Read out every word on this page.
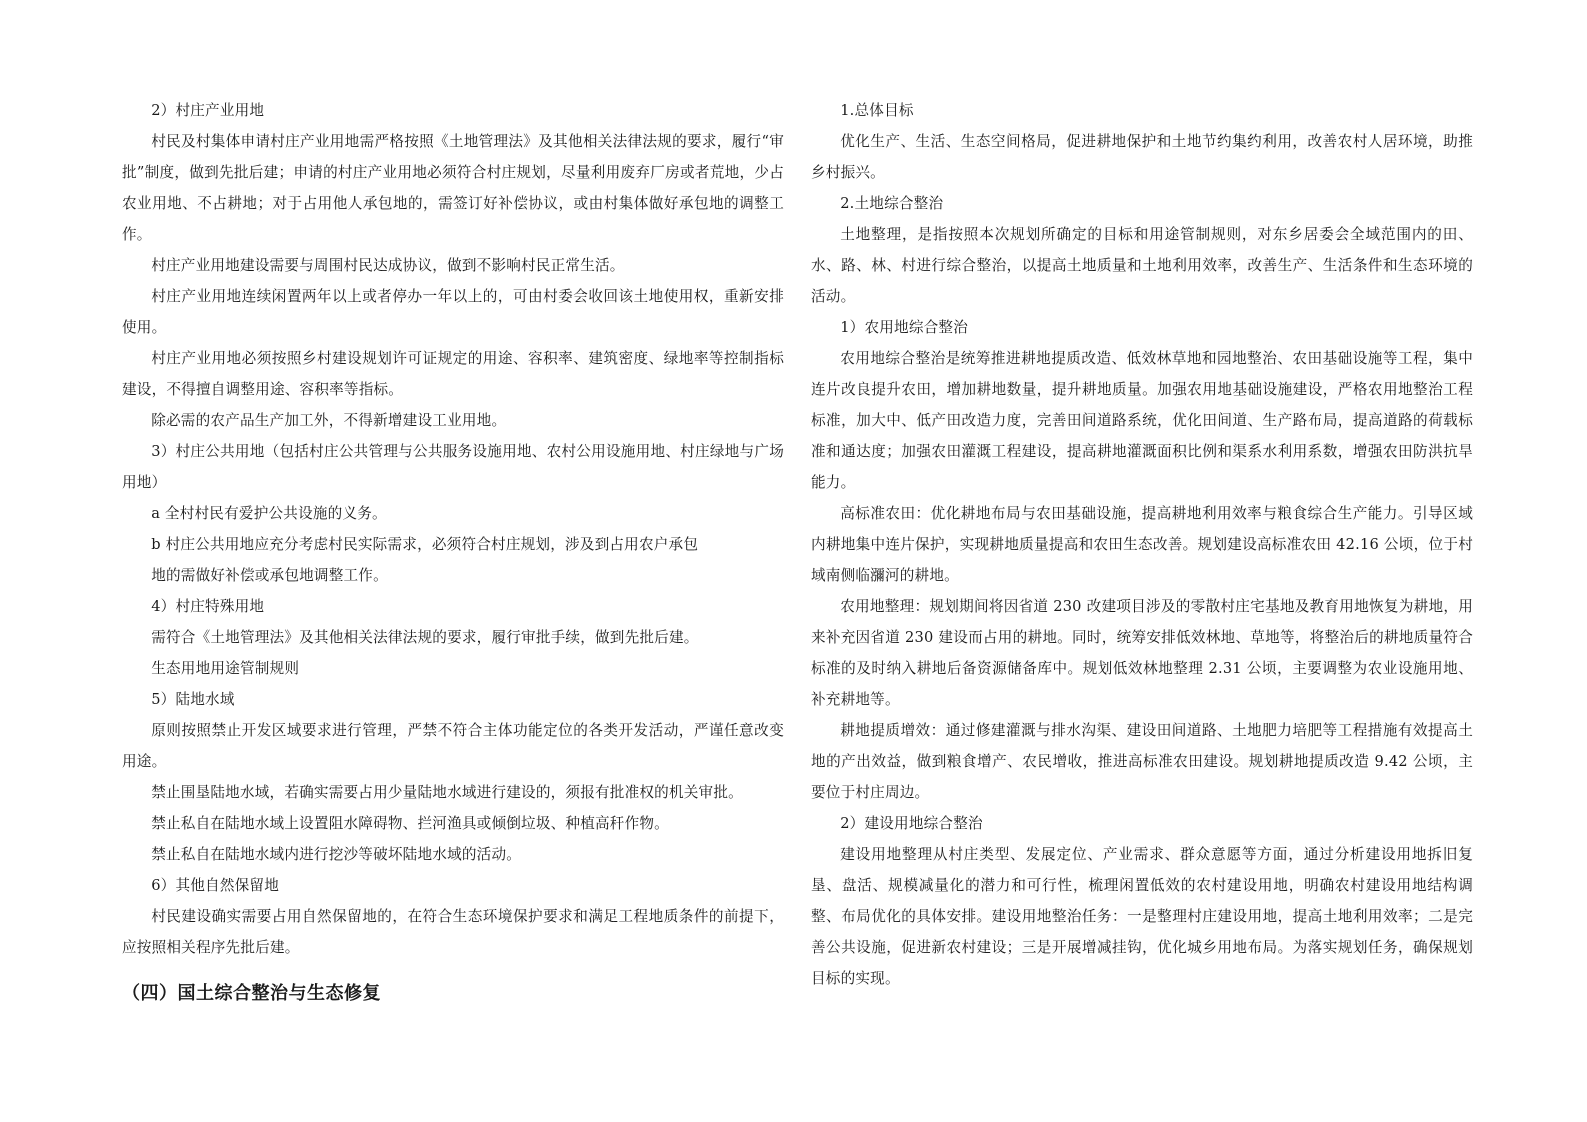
2）村庄产业用地

村民及村集体申请村庄产业用地需严格按照《土地管理法》及其他相关法律法规的要求，履行“审批”制度，做到先批后建；申请的村庄产业用地必须符合村庄规划，尽量利用废弃厂房或者荒地，少占农业用地、不占耕地；对于占用他人承包地的，需签订好补偿协议，或由村集体做好承包地的调整工作。

村庄产业用地建设需要与周围村民达成协议，做到不影响村民正常生活。

村庄产业用地连续闲置两年以上或者停办一年以上的，可由村委会收回该土地使用权，重新安排使用。

村庄产业用地必须按照乡村建设规划许可证规定的用途、容积率、建筑密度、绿地率等控制指标建设，不得擅自调整用途、容积率等指标。

除必需的农产品生产加工外，不得新增建设工业用地。

3）村庄公共用地（包括村庄公共管理与公共服务设施用地、农村公用设施用地、村庄绿地与广场用地）

a 全村村民有爱护公共设施的义务。

b 村庄公共用地应充分考虑村民实际需求，必须符合村庄规划，涉及到占用农户承包

地的需做好补偿或承包地调整工作。

4）村庄特殊用地

需符合《土地管理法》及其他相关法律法规的要求，履行审批手续，做到先批后建。

生态用地用途管制规则

5）陆地水域

原则按照禁止开发区域要求进行管理，严禁不符合主体功能定位的各类开发活动，严谨任意改变用途。

禁止围垦陆地水域，若确实需要占用少量陆地水域进行建设的，须报有批准权的机关审批。

禁止私自在陆地水域上设置阻水障碍物、拦河渔具或倾倒垃圾、种植高秆作物。

禁止私自在陆地水域内进行挖沙等破坏陆地水域的活动。

6）其他自然保留地

村民建设确实需要占用自然保留地的，在符合生态环境保护要求和满足工程地质条件的前提下，应按照相关程序先批后建。

（四）国土综合整治与生态修复

1.总体目标

优化生产、生活、生态空间格局，促进耕地保护和土地节约集约利用，改善农村人居环境，助推乡村振兴。

2.土地综合整治

土地整理，是指按照本次规划所确定的目标和用途管制规则，对东乡居委会全域范围内的田、水、路、林、村进行综合整治，以提高土地质量和土地利用效率，改善生产、生活条件和生态环境的活动。

1）农用地综合整治

农用地综合整治是统筹推进耕地提质改造、低效林草地和园地整治、农田基础设施等工程，集中连片改良提升农田，增加耕地数量，提升耕地质量。加强农用地基础设施建设，严格农用地整治工程标准，加大中、低产田改造力度，完善田间道路系统，优化田间道、生产路布局，提高道路的荷载标准和通达度；加强农田灌溉工程建设，提高耕地灌溉面积比例和渠系水利用系数，增强农田防洪抗旱能力。

高标准农田：优化耕地布局与农田基础设施，提高耕地利用效率与粮食综合生产能力。引导区域内耕地集中连片保护，实现耕地质量提高和农田生态改善。规划建设高标准农田 42.16 公顷，位于村域南侧临瀰河的耕地。

农用地整理：规划期间将因省道 230 改建项目涉及的零散村庄宅基地及教育用地恢复为耕地，用来补充因省道 230 建设而占用的耕地。同时，统筹安排低效林地、草地等，将整治后的耕地质量符合标准的及时纳入耕地后备资源储备库中。规划低效林地整理 2.31 公顷，主要调整为农业设施用地、补充耕地等。

耕地提质增效：通过修建灌溉与排水沟渠、建设田间道路、土地肥力培肥等工程措施有效提高土地的产出效益，做到粮食增产、农民增收，推进高标准农田建设。规划耕地提质改造 9.42 公顷，主要位于村庄周边。

2）建设用地综合整治

建设用地整理从村庄类型、发展定位、产业需求、群众意愿等方面，通过分析建设用地拆旧复垦、盘活、规模减量化的潜力和可行性，梳理闲置低效的农村建设用地，明确农村建设用地结构调整、布局优化的具体安排。建设用地整治任务：一是整理村庄建设用地，提高土地利用效率；二是完善公共设施，促进新农村建设；三是开展增减挂钩，优化城乡用地布局。为落实规划任务，确保规划目标的实现。
